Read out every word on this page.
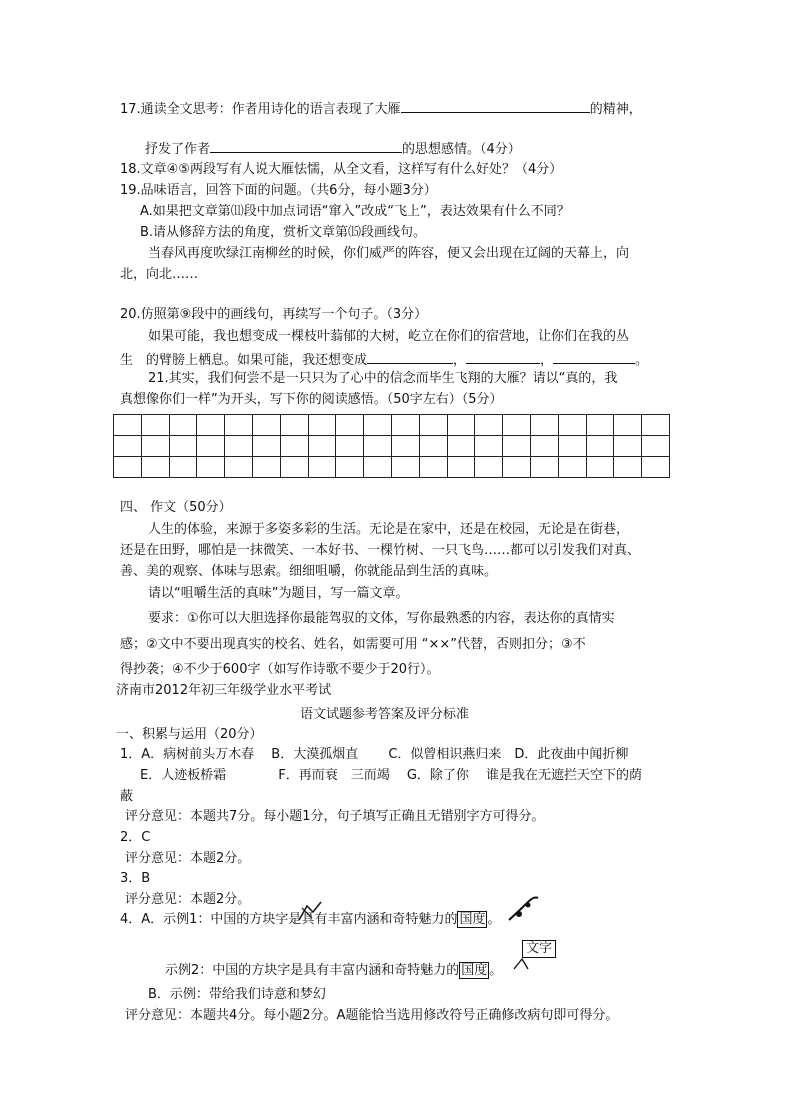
17.通读全文思考：作者用诗化的语言表现了大雁	的精神，
抒发了作者	的思想感情。（4分）
18.文章④⑤两段写有人说大雁怯懦，从全文看，这样写有什么好处？（4分）
19.品味语言，回答下面的问题。（共6分，每小题3分）
A.如果把文章第⑾段中加点词语“窜入”改成“飞上”，表达效果有什么不同？
B.请从修辞方法的角度，赏析文章第⒂段画线句。
当春风再度吹绿江南柳丝的时候，你们威严的阵容，便又会出现在辽阔的天幕上，向
北，向北……
20.仿照第⑨段中的画线句，再续写一个句子。（3分）
如果可能，我也想变成一棵枝叶蓊郁的大树，屹立在你们的宿营地，让你们在我的丛
生　的臂膀上栖息。如果可能，我还想变成	，	，	。
21.其实，我们何尝不是一只只为了心中的信念而毕生飞翔的大雁？请以“真的，我
真想像你们一样”为开头，写下你的阅读感悟。（50字左右）（5分）

四、 作文（50分）
人生的体验，来源于多姿多彩的生活。无论是在家中，还是在校园，无论是在街巷，
还是在田野，哪怕是一抹微笑、一本好书、一棵竹树、一只飞鸟……都可以引发我们对真、
善、美的观察、体味与思索。细细咀嚼，你就能品到生活的真味。
请以“咀嚼生活的真味”为题目，写一篇文章。
要求：①你可以大胆选择你最能驾驭的文体，写你最熟悉的内容，表达你的真情实
感；②文中不要出现真实的校名、姓名，如需要可用 “××”代替，否则扣分；③不
得抄袭；④不少于600字（如写作诗歌不要少于20行）。
济南市2012年初三年级学业水平考试
语文试题参考答案及评分标准
一、积累与运用（20分）
1．A．病树前头万木春　 B．大漠孤烟直　　 C．似曾相识燕归来　D．此夜曲中闻折柳
E．人迹板桥霜　　　　F．再而衰　三而竭　 G．除了你　 谁是我在无遮拦天空下的荫
蔽
评分意见：本题共7分。每小题1分，句子填写正确且无错别字方可得分。
2．C
评分意见：本题2分。
3．B
评分意见：本题2分。
4．A．示例1：中国的方块字是具有丰富内涵和奇特魅力的 国度 。
文字
示例2：中国的方块字是具有丰富内涵和奇特魅力的 国度 。
B．示例：带给我们诗意和梦幻
评分意见：本题共4分。每小题2分。A题能恰当选用修改符号正确修改病句即可得分。
